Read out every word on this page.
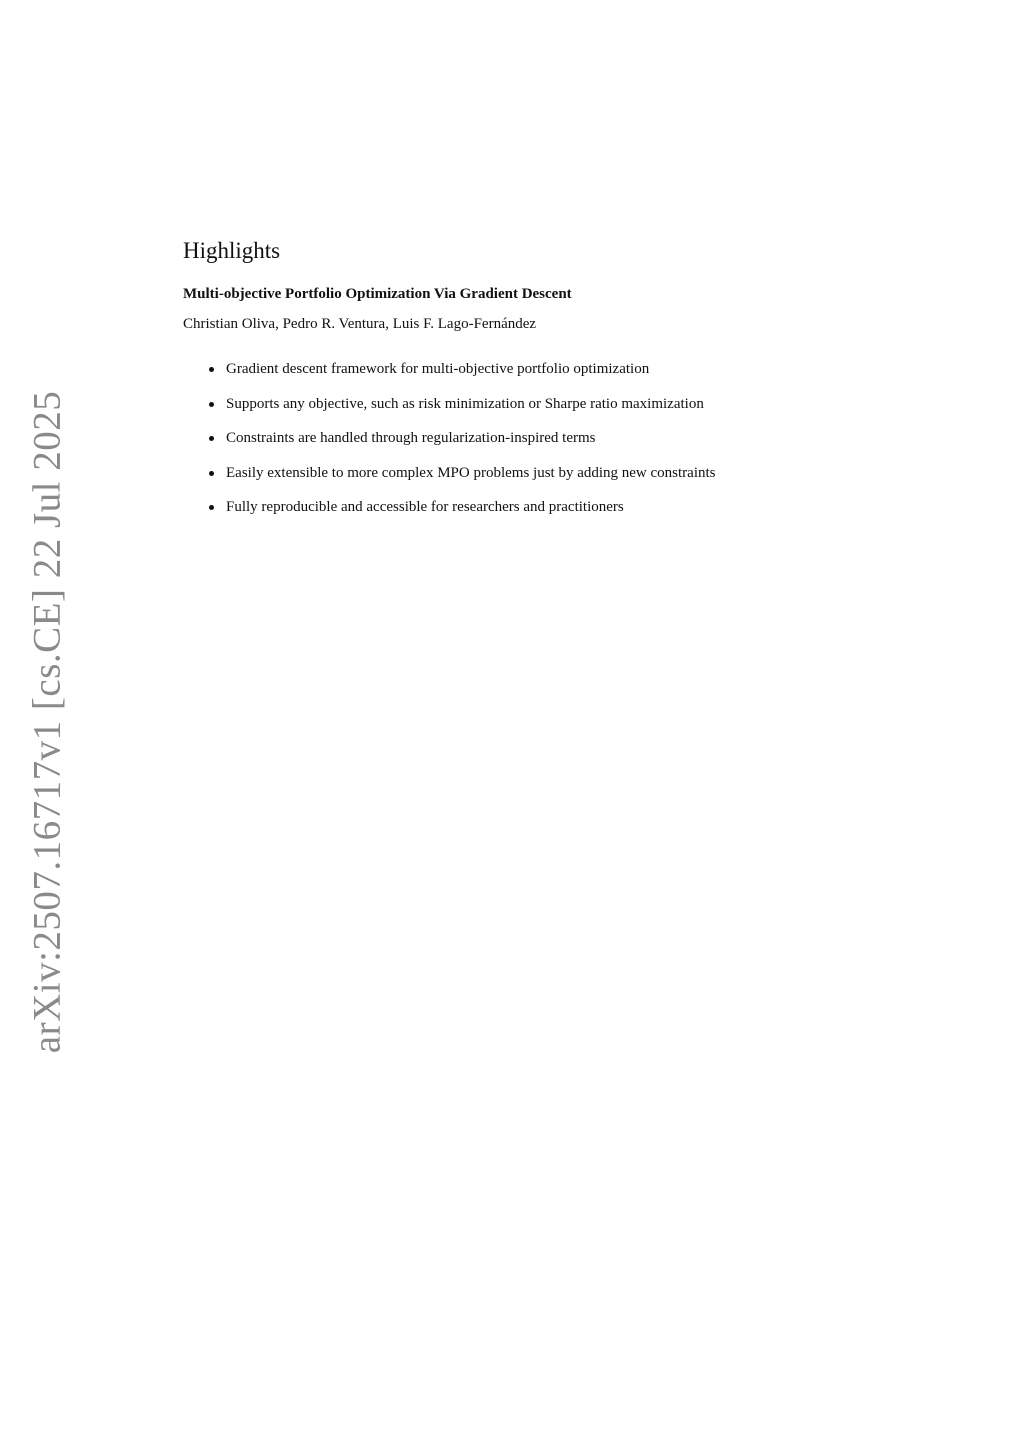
arXiv:2507.16717v1 [cs.CE] 22 Jul 2025
Highlights
Multi-objective Portfolio Optimization Via Gradient Descent
Christian Oliva, Pedro R. Ventura, Luis F. Lago-Fernández
Gradient descent framework for multi-objective portfolio optimization
Supports any objective, such as risk minimization or Sharpe ratio maximization
Constraints are handled through regularization-inspired terms
Easily extensible to more complex MPO problems just by adding new constraints
Fully reproducible and accessible for researchers and practitioners
